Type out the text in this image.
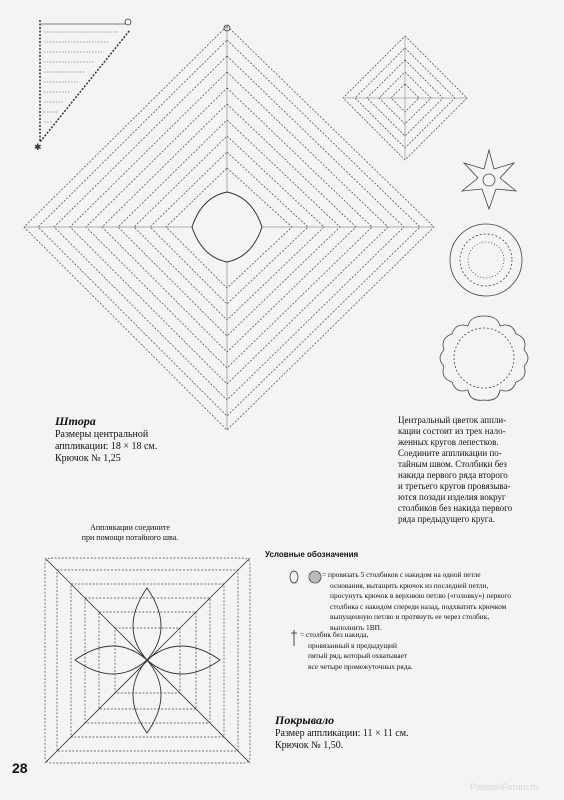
✱
Штора
Размеры центральной
аппликации: 18 × 18 см.
Крючок № 1,25
Центральный цветок аппли-
кации состоит из трех нало-
женных кругов лепестков.
Соедините аппликации по-
тайным швом. Столбики без
накида первого ряда второго
и третьего кругов провязыва-
ются позади изделия вокруг
столбиков без накида первого
ряда предыдущего круга.
Аппликации соедините
при помощи потайного шва.
Условные обозначения
= провязать 5 столбиков с накидом на одной петле
основания, вытащить крючок из последней петли,
просунуть крючок в верхнюю петлю («головку») первого
столбика с накидом спереди назад, подхватить крючком
выпущенную петлю и протянуть ее через столбик,
выполнить 1ВП.
= столбик без накида,
провязанный в предыдущий
пятый ряд, который охватывает
все четыре промежуточных ряда.
Покрывало
Размер аппликации: 11 × 11 см.
Крючок № 1,50.
28
PassionForum.ru
